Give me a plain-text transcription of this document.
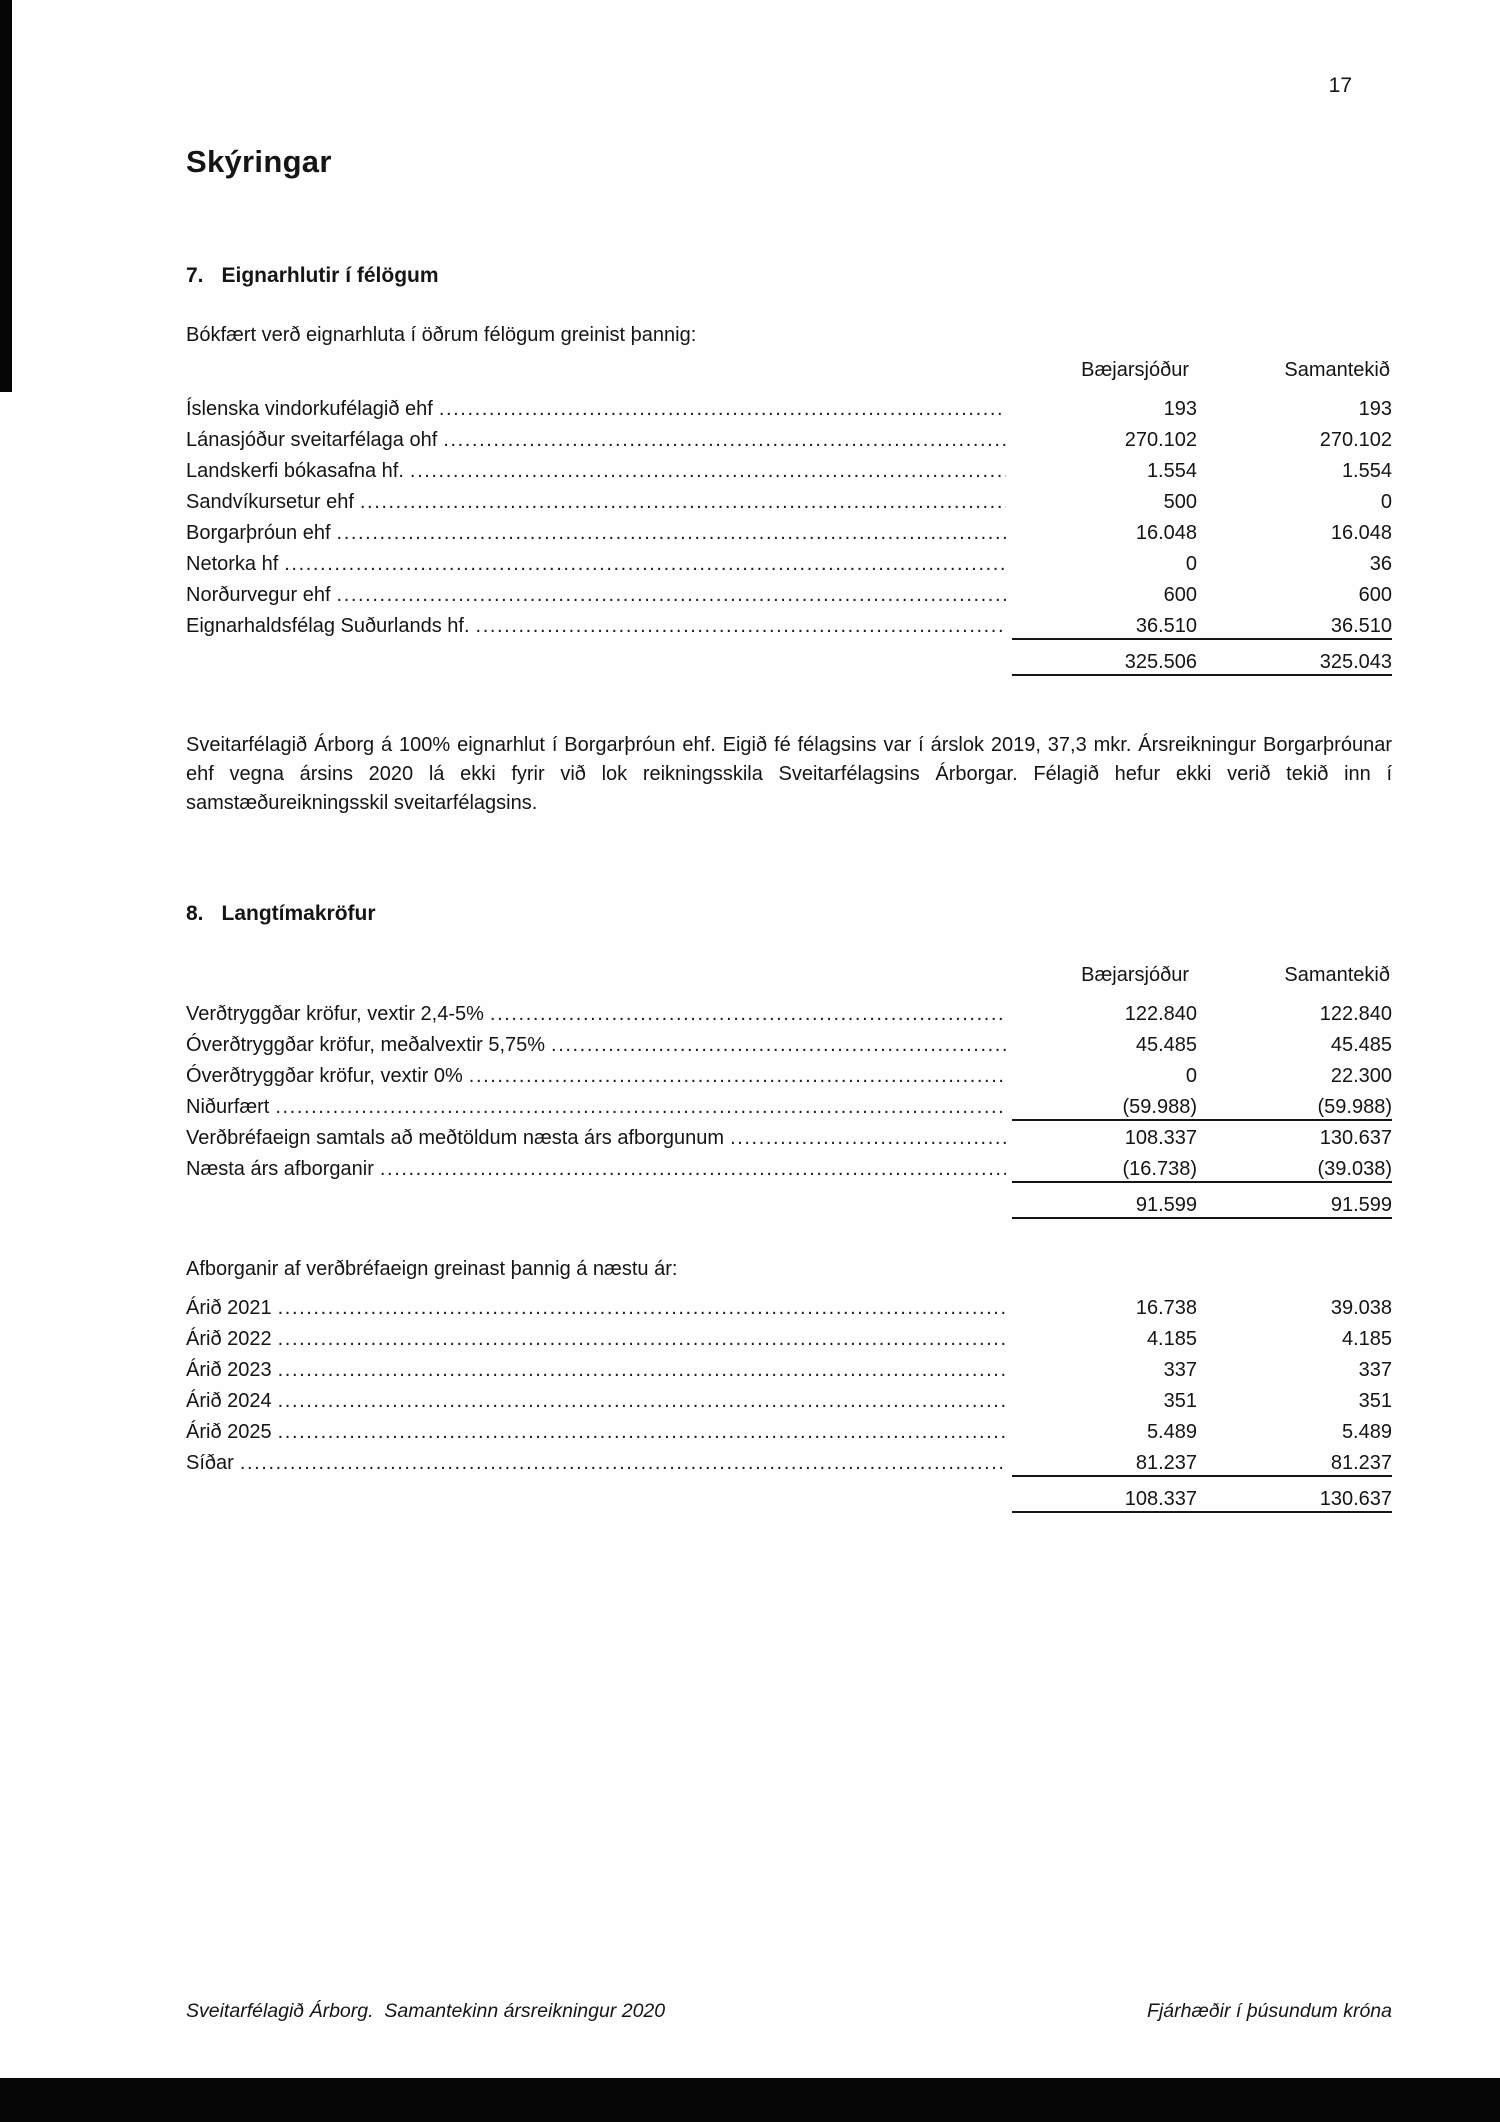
17
Skýringar
7. Eignarhlutir í félögum

Bókfært verð eignarhluta í öðrum félögum greinist þannig:

Bæjarsjóður	Samantekið
Íslenska vindorkufélagið ehf .....	193	193
Lánasjóður sveitarfélaga ohf .....	270.102	270.102
Landskerfi bókasafna hf. .....	1.554	1.554
Sandvíkursetur ehf .....	500	0
Borgarþróun ehf .....	16.048	16.048
Netorka hf .....	0	36
Norðurvegur ehf .....	600	600
Eignarhaldsfélag Suðurlands hf. .....	36.510	36.510
325.506	325.043

Sveitarfélagið Árborg á 100% eignarhlut í Borgarþróun ehf. Eigið fé félagsins var í árslok 2019, 37,3 mkr. Ársreikningur Borgarþróunar ehf vegna ársins 2020 lá ekki fyrir við lok reikningsskila Sveitarfélagsins Árborgar. Félagið hefur ekki verið tekið inn í samstæðureikningsskil sveitarfélagsins.

8. Langtímakröfur
Bæjarsjóður	Samantekið
Verðtryggðar kröfur, vextir 2,4-5% .....	122.840	122.840
Óverðtryggðar kröfur, meðalvextir 5,75% .....	45.485	45.485
Óverðtryggðar kröfur, vextir 0% .....	0	22.300
Niðurfært .....	(59.988)	(59.988)
Verðbréfaeign samtals að meðtöldum næsta árs afborgunum .....	108.337	130.637
Næsta árs afborganir .....	(16.738)	(39.038)
91.599	91.599

Afborganir af verðbréfaeign greinast þannig á næstu ár:

Árið 2021 .....	16.738	39.038
Árið 2022 .....	4.185	4.185
Árið 2023 .....	337	337
Árið 2024 .....	351	351
Árið 2025 .....	5.489	5.489
Síðar .....	81.237	81.237
108.337	130.637
Sveitarfélagið Árborg.  Samantekinn ársreikningur 2020	Fjárhæðir í þúsundum króna
